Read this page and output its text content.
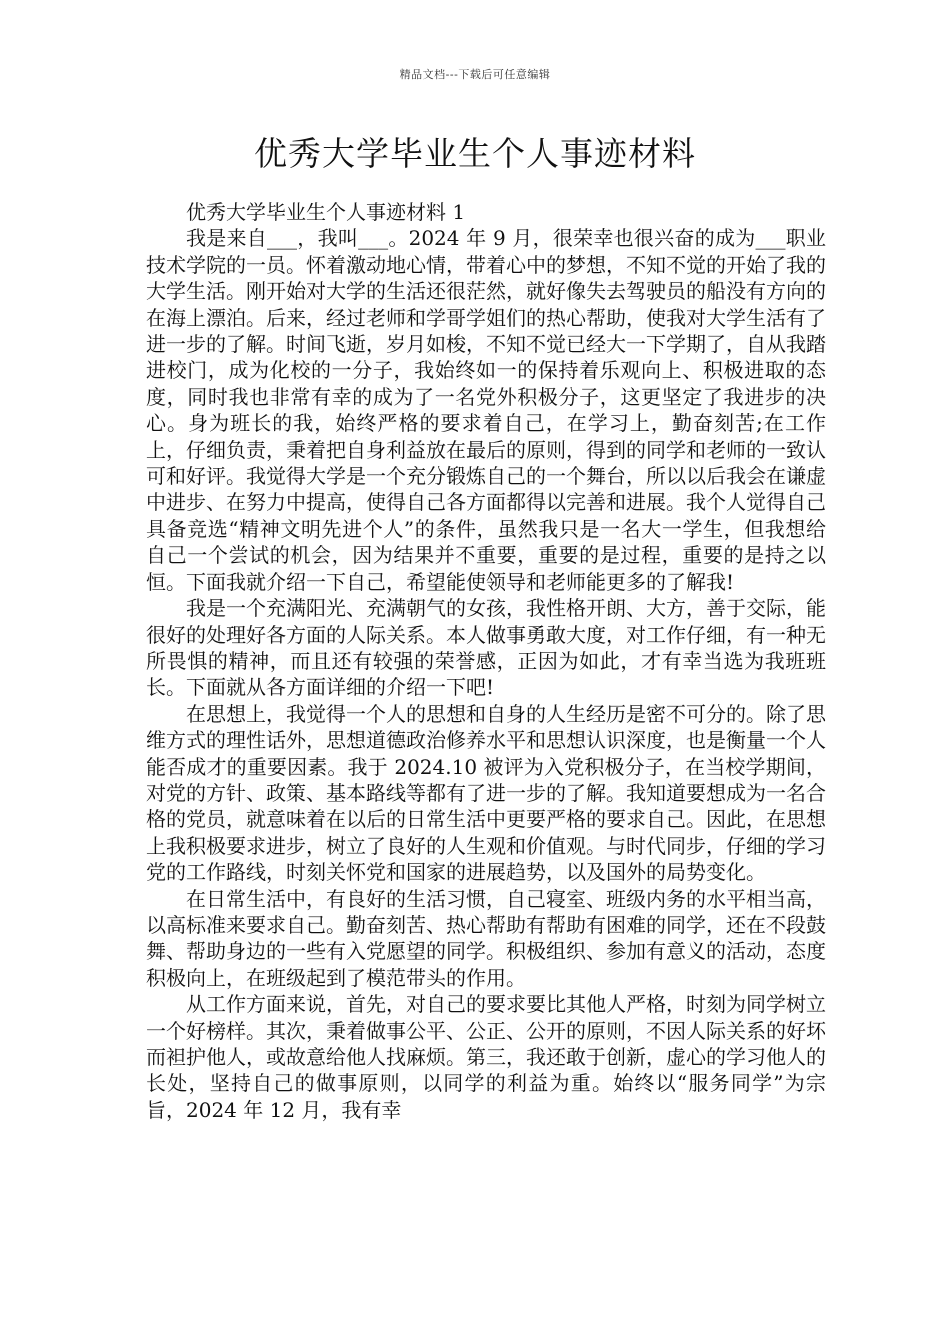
精品文档---下载后可任意编辑
优秀大学毕业生个人事迹材料

优秀大学毕业生个人事迹材料 1

我是来自___，我叫___。2024 年 9 月，很荣幸也很兴奋的成为___职业技术学院的一员。怀着激动地心情，带着心中的梦想，不知不觉的开始了我的大学生活。刚开始对大学的生活还很茫然，就好像失去驾驶员的船没有方向的在海上漂泊。后来，经过老师和学哥学姐们的热心帮助，使我对大学生活有了进一步的了解。时间飞逝，岁月如梭，不知不觉已经大一下学期了，自从我踏进校门，成为化校的一分子，我始终如一的保持着乐观向上、积极进取的态度，同时我也非常有幸的成为了一名党外积极分子，这更坚定了我进步的决心。身为班长的我，始终严格的要求着自己，在学习上，勤奋刻苦;在工作上，仔细负责，秉着把自身利益放在最后的原则，得到的同学和老师的一致认可和好评。我觉得大学是一个充分锻炼自己的一个舞台，所以以后我会在谦虚中进步、在努力中提高，使得自己各方面都得以完善和进展。我个人觉得自己具备竞选“精神文明先进个人”的条件，虽然我只是一名大一学生，但我想给自己一个尝试的机会，因为结果并不重要，重要的是过程，重要的是持之以恒。下面我就介绍一下自己，希望能使领导和老师能更多的了解我!

我是一个充满阳光、充满朝气的女孩，我性格开朗、大方，善于交际，能很好的处理好各方面的人际关系。本人做事勇敢大度，对工作仔细，有一种无所畏惧的精神，而且还有较强的荣誉感，正因为如此，才有幸当选为我班班长。下面就从各方面详细的介绍一下吧!

在思想上，我觉得一个人的思想和自身的人生经历是密不可分的。除了思维方式的理性话外，思想道德政治修养水平和思想认识深度，也是衡量一个人能否成才的重要因素。我于 2024.10 被评为入党积极分子，在当校学期间，对党的方针、政策、基本路线等都有了进一步的了解。我知道要想成为一名合格的党员，就意味着在以后的日常生活中更要严格的要求自己。因此，在思想上我积极要求进步，树立了良好的人生观和价值观。与时代同步，仔细的学习党的工作路线，时刻关怀党和国家的进展趋势，以及国外的局势变化。

在日常生活中，有良好的生活习惯，自己寝室、班级内务的水平相当高，以高标准来要求自己。勤奋刻苦、热心帮助有帮助有困难的同学，还在不段鼓舞、帮助身边的一些有入党愿望的同学。积极组织、参加有意义的活动，态度积极向上，在班级起到了模范带头的作用。

从工作方面来说，首先，对自己的要求要比其他人严格，时刻为同学树立一个好榜样。其次，秉着做事公平、公正、公开的原则，不因人际关系的好坏而袒护他人，或故意给他人找麻烦。第三，我还敢于创新，虚心的学习他人的长处，坚持自己的做事原则，以同学的利益为重。始终以“服务同学”为宗旨，2024 年 12 月，我有幸
